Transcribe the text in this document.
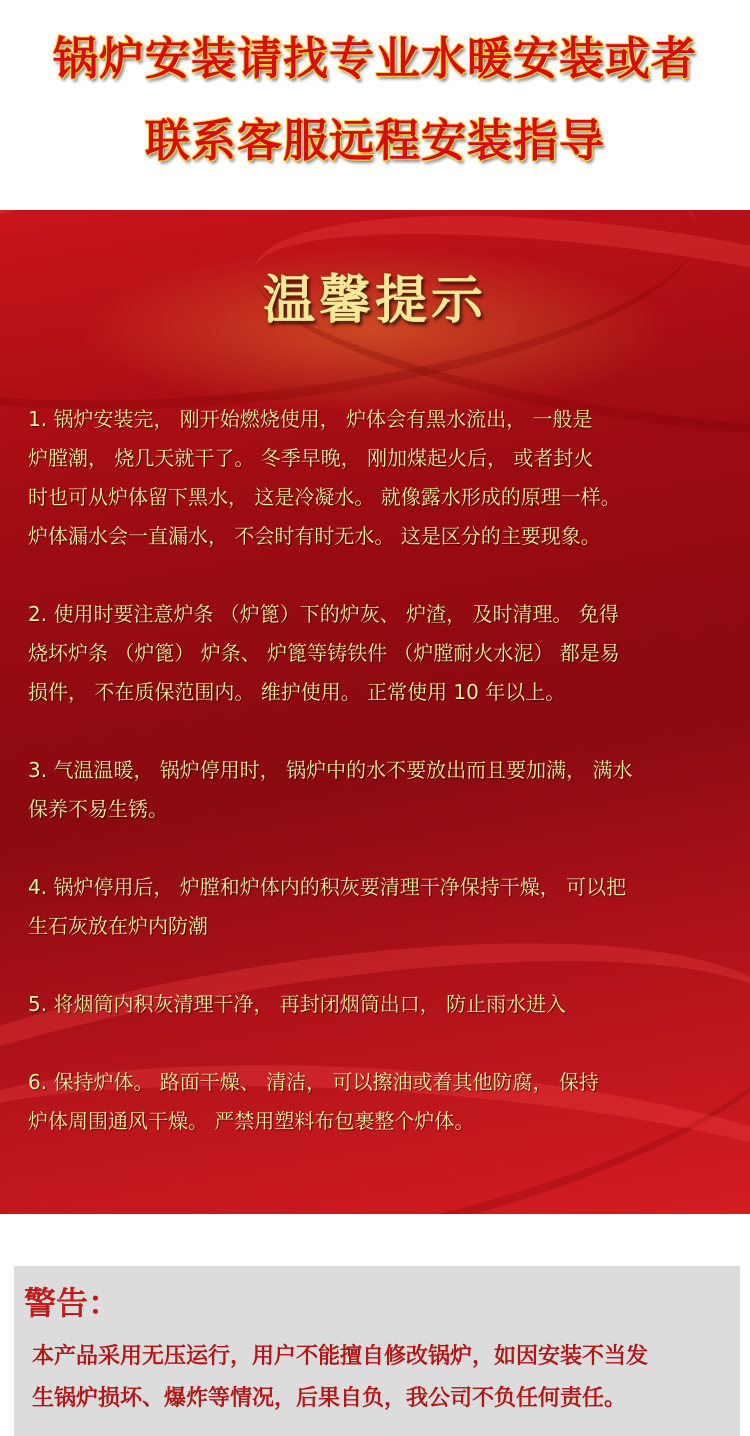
锅炉安装请找专业水暖安装或者
联系客服远程安装指导
温馨提示
1. 锅炉安装完， 刚开始燃烧使用， 炉体会有黑水流出， 一般是
炉膛潮， 烧几天就干了。 冬季早晚， 刚加煤起火后， 或者封火
时也可从炉体留下黑水， 这是冷凝水。 就像露水形成的原理一样。
炉体漏水会一直漏水， 不会时有时无水。 这是区分的主要现象。
2. 使用时要注意炉条 （炉篦）下的炉灰、 炉渣， 及时清理。 免得
烧坏炉条 （炉篦） 炉条、 炉篦等铸铁件 （炉膛耐火水泥） 都是易
损件， 不在质保范围内。 维护使用。 正常使用 10 年以上。
3. 气温温暖， 锅炉停用时， 锅炉中的水不要放出而且要加满， 满水
保养不易生锈。
4. 锅炉停用后， 炉膛和炉体内的积灰要清理干净保持干燥， 可以把
生石灰放在炉内防潮
5. 将烟筒内积灰清理干净， 再封闭烟筒出口， 防止雨水进入
6. 保持炉体。 路面干燥、 清洁， 可以擦油或着其他防腐， 保持
炉体周围通风干燥。 严禁用塑料布包裹整个炉体。
警告：
本产品采用无压运行，用户不能擅自修改锅炉，如因安装不当发
生锅炉损坏、爆炸等情况，后果自负，我公司不负任何责任。
